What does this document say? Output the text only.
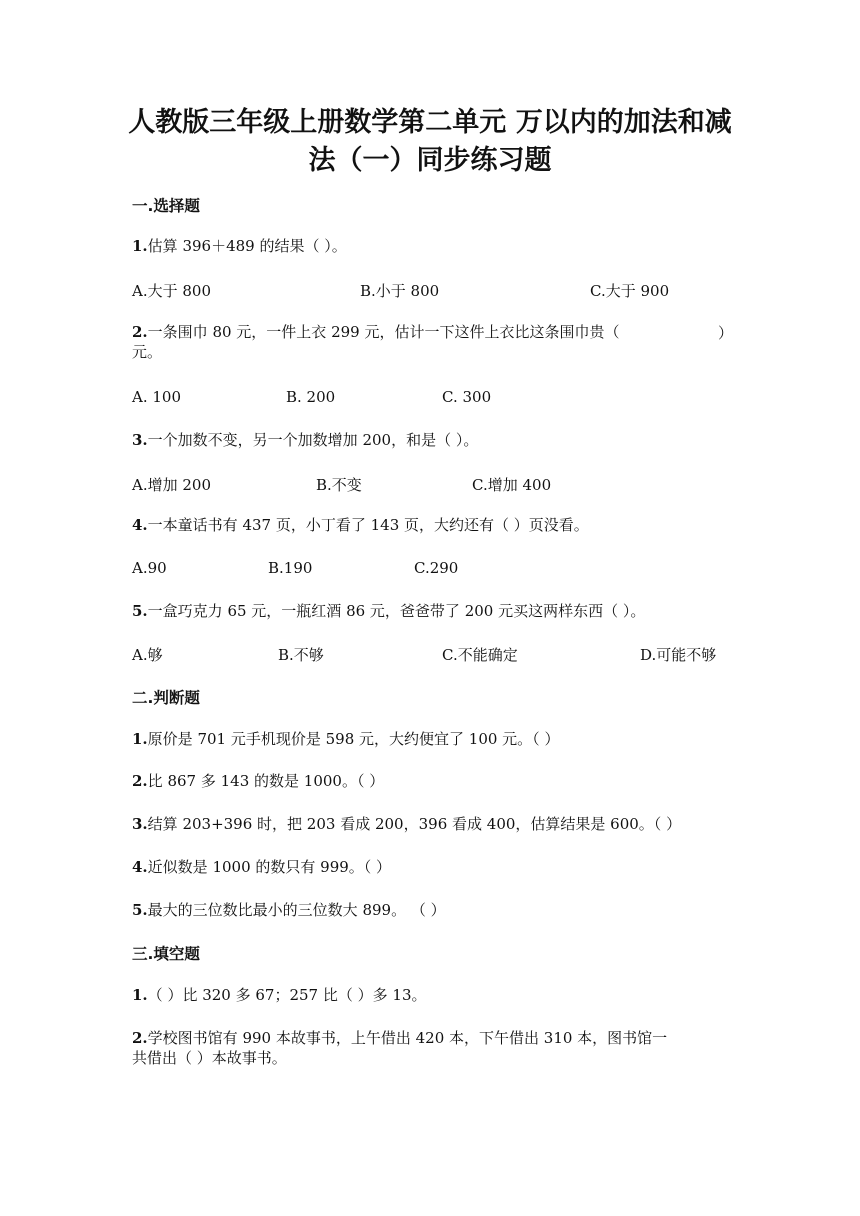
人教版三年级上册数学第二单元 万以内的加法和减
法（一）同步练习题
一.选择题
1.估算 396＋489 的结果（ ）。
A.大于 800	B.小于 800	C.大于 900
2.一条围巾 80 元，一件上衣 299 元，估计一下这件上衣比这条围巾贵（
元。
）
A. 100	B. 200	C. 300
3.一个加数不变，另一个加数增加 200，和是（ ）。
A.增加 200	B.不变	C.增加 400
4.一本童话书有 437 页，小丁看了 143 页，大约还有（ ）页没看。
A.90	B.190	C.290
5.一盒巧克力 65 元，一瓶红酒 86 元，爸爸带了 200 元买这两样东西（ ）。
A.够	B.不够	C.不能确定	D.可能不够
二.判断题
1.原价是 701 元手机现价是 598 元，大约便宜了 100 元。（ ）
2.比 867 多 143 的数是 1000。（ ）
3.结算 203+396 时，把 203 看成 200，396 看成 400，估算结果是 600。（ ）
4.近似数是 1000 的数只有 999。（ ）
5.最大的三位数比最小的三位数大 899。 （ ）
三.填空题
1.（ ）比 320 多 67；257 比（ ）多 13。
2.学校图书馆有 990 本故事书，上午借出 420 本，下午借出 310 本，图书馆一
共借出（ ）本故事书。
